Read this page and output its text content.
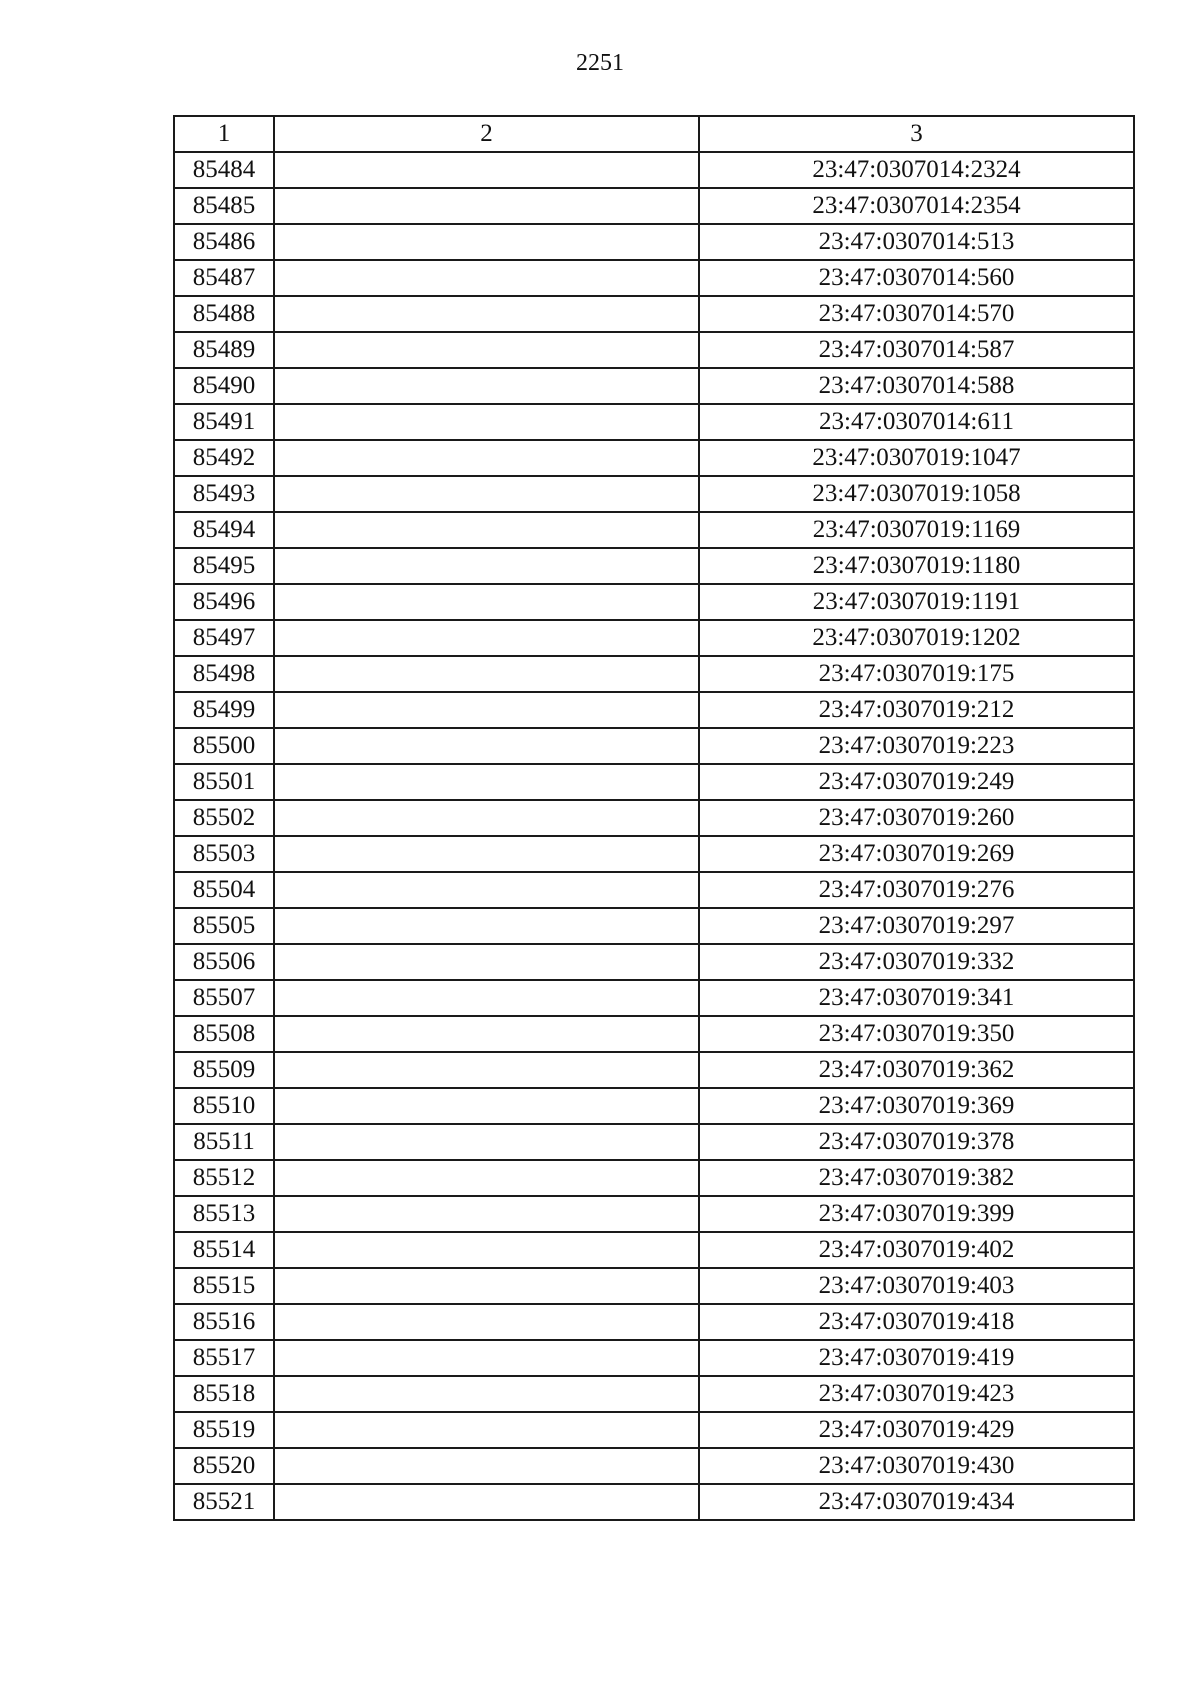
2251
1	2	3
85484		23:47:0307014:2324
85485		23:47:0307014:2354
85486		23:47:0307014:513
85487		23:47:0307014:560
85488		23:47:0307014:570
85489		23:47:0307014:587
85490		23:47:0307014:588
85491		23:47:0307014:611
85492		23:47:0307019:1047
85493		23:47:0307019:1058
85494		23:47:0307019:1169
85495		23:47:0307019:1180
85496		23:47:0307019:1191
85497		23:47:0307019:1202
85498		23:47:0307019:175
85499		23:47:0307019:212
85500		23:47:0307019:223
85501		23:47:0307019:249
85502		23:47:0307019:260
85503		23:47:0307019:269
85504		23:47:0307019:276
85505		23:47:0307019:297
85506		23:47:0307019:332
85507		23:47:0307019:341
85508		23:47:0307019:350
85509		23:47:0307019:362
85510		23:47:0307019:369
85511		23:47:0307019:378
85512		23:47:0307019:382
85513		23:47:0307019:399
85514		23:47:0307019:402
85515		23:47:0307019:403
85516		23:47:0307019:418
85517		23:47:0307019:419
85518		23:47:0307019:423
85519		23:47:0307019:429
85520		23:47:0307019:430
85521		23:47:0307019:434
